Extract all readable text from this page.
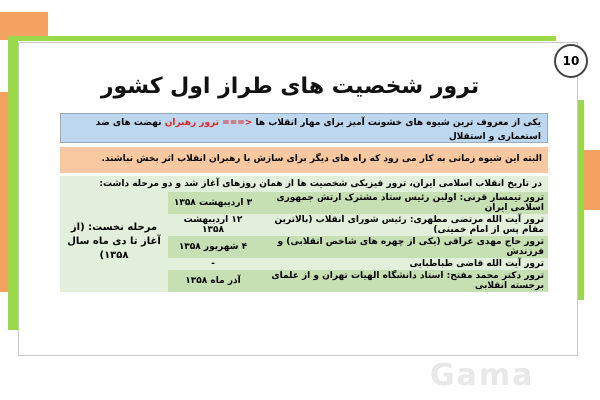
10
ترور شخصیت های طراز اول کشور
یکی از معروف ترین شیوه های خشونت آمیز برای مهار انقلاب ها <=== ترور رهبران نهضت های ضد استعماری و استقلال
البته این شیوه زمانی به کار می رود که راه های دیگر برای سازش با رهبران انقلاب اثر بخش نباشند.
در تاریخ انقلاب اسلامی ایران، ترور فیزیکی شخصیت ها از همان روزهای آغاز شد و دو مرحله داشت:
ترور تیمسار قرنی: اولین رئیس ستاد مشترک ارتش جمهوری اسلامی ایران	۳ اردیبهشت ۱۳۵۸	مرحله نخست: (از آغاز تا دی ماه سال ۱۳۵۸)
ترور آیت الله مرتضی مطهری: رئیس شورای انقلاب (بالاترین مقام پس از امام خمینی)	۱۲ اردیبهشت ۱۳۵۸	
ترور حاج مهدی عراقی (یکی از چهره های شاخص انقلابی) و فرزندش	۴ شهریور ۱۳۵۸	
ترور آیت الله قاضی طباطبایی	-	
ترور دکتر محمد مفتح: استاد دانشگاه الهیات تهران و از علمای برجسته انقلابی	آذر ماه ۱۳۵۸	
Gama
